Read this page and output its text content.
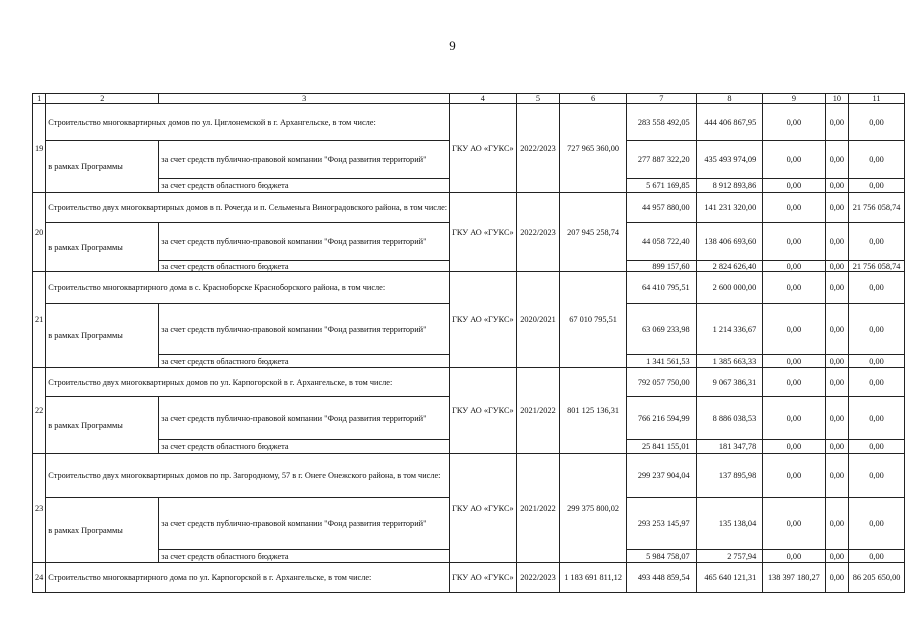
9
1	2	3	4	5	6	7	8	9	10	11
19	Строительство многоквартирных домов по ул. Циглонемской в г. Архангельске, в том числе:		ГКУ АО «ГУКС»	2022/2023	727 965 360,00	283 558 492,05	444 406 867,95	0,00	0,00	0,00
	в рамках Программы	за счет средств публично-правовой компании "Фонд развития территорий"				277 887 322,20	435 493 974,09	0,00	0,00	0,00
		за счет средств областного бюджета				5 671 169,85	8 912 893,86	0,00	0,00	0,00
20	Строительство двух многоквартирных домов в п. Рочегда и п. Сельменьга Виноградовского района, в том числе:		ГКУ АО «ГУКС»	2022/2023	207 945 258,74	44 957 880,00	141 231 320,00	0,00	0,00	21 756 058,74
	в рамках Программы	за счет средств публично-правовой компании "Фонд развития территорий"				44 058 722,40	138 406 693,60	0,00	0,00	0,00
		за счет средств областного бюджета				899 157,60	2 824 626,40	0,00	0,00	21 756 058,74
21	Строительство многоквартирного дома в с. Красноборске Красноборского района, в том числе:		ГКУ АО «ГУКС»	2020/2021	67 010 795,51	64 410 795,51	2 600 000,00	0,00	0,00	0,00
	в рамках Программы	за счет средств публично-правовой компании "Фонд развития территорий"				63 069 233,98	1 214 336,67	0,00	0,00	0,00
		за счет средств областного бюджета				1 341 561,53	1 385 663,33	0,00	0,00	0,00
22	Строительство двух многоквартирных домов по ул. Карпогорской в г. Архангельске, в том числе:		ГКУ АО «ГУКС»	2021/2022	801 125 136,31	792 057 750,00	9 067 386,31	0,00	0,00	0,00
	в рамках Программы	за счет средств публично-правовой компании "Фонд развития территорий"				766 216 594,99	8 886 038,53	0,00	0,00	0,00
		за счет средств областного бюджета				25 841 155,01	181 347,78	0,00	0,00	0,00
23	Строительство двух многоквартирных домов по пр. Загородному, 57 в г. Онеге Онежского района, в том числе:		ГКУ АО «ГУКС»	2021/2022	299 375 800,02	299 237 904,04	137 895,98	0,00	0,00	0,00
	в рамках Программы	за счет средств публично-правовой компании "Фонд развития территорий"				293 253 145,97	135 138,04	0,00	0,00	0,00
		за счет средств областного бюджета				5 984 758,07	2 757,94	0,00	0,00	0,00
24	Строительство многоквартирного дома по ул. Карпогорской в г. Архангельске, в том числе:		ГКУ АО «ГУКС»	2022/2023	1 183 691 811,12	493 448 859,54	465 640 121,31	138 397 180,27	0,00	86 205 650,00
